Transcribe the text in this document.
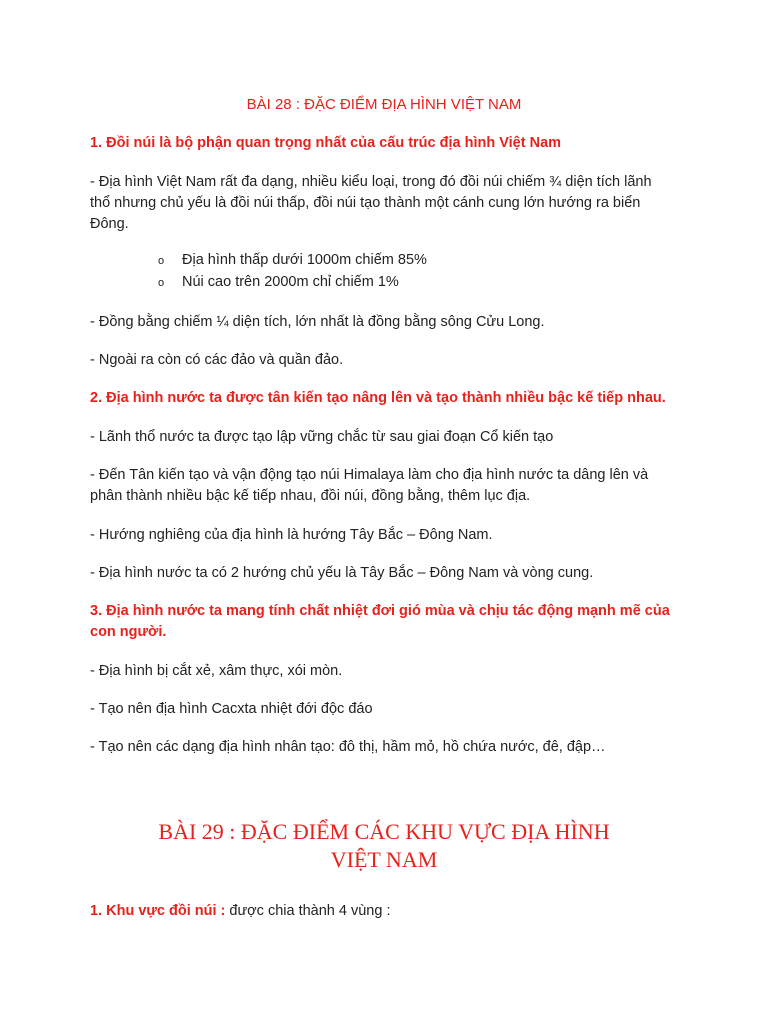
BÀI 28 : ĐẶC ĐIỂM ĐỊA HÌNH VIỆT NAM
1. Đồi núi là bộ phận quan trọng nhất của cấu trúc địa hình Việt Nam
- Địa hình Việt Nam rất đa dạng, nhiều kiểu loại, trong đó đồi núi chiếm ¾ diện tích lãnh
thổ nhưng chủ yếu là đồi núi thấp, đồi núi tạo thành một cánh cung lớn hướng ra biển
Đông.
o Địa hình thấp dưới 1000m chiếm 85%
o Núi cao trên 2000m chỉ chiếm 1%
- Đồng bằng chiếm ¼ diện tích, lớn nhất là đồng bằng sông Cửu Long.
- Ngoài ra còn có các đảo và quần đảo.
2. Địa hình nước ta được tân kiến tạo nâng lên và tạo thành nhiều bậc kế tiếp nhau.
- Lãnh thổ nước ta được tạo lập vững chắc từ sau giai đoạn Cổ kiến tạo
- Đến Tân kiến tạo và vận động tạo núi Himalaya làm cho địa hình nước ta dâng lên và
phân thành nhiều bậc kế tiếp nhau, đồi núi, đồng bằng, thêm lục địa.
- Hướng nghiêng của địa hình là hướng Tây Bắc – Đông Nam.
- Địa hình nước ta có 2 hướng chủ yếu là Tây Bắc – Đông Nam và vòng cung.
3. Địa hình nước ta mang tính chất nhiệt đơi gió mùa và chịu tác động mạnh mẽ của
con người.
- Địa hình bị cắt xẻ, xâm thực, xói mòn.
- Tạo nên địa hình Cacxta nhiệt đới độc đáo
- Tạo nên các dạng địa hình nhân tạo: đô thị, hầm mỏ, hồ chứa nước, đê, đập…
BÀI 29 : ĐẶC ĐIỂM CÁC KHU VỰC ĐỊA HÌNH
VIỆT NAM
1. Khu vực đồi núi : được chia thành 4 vùng :
